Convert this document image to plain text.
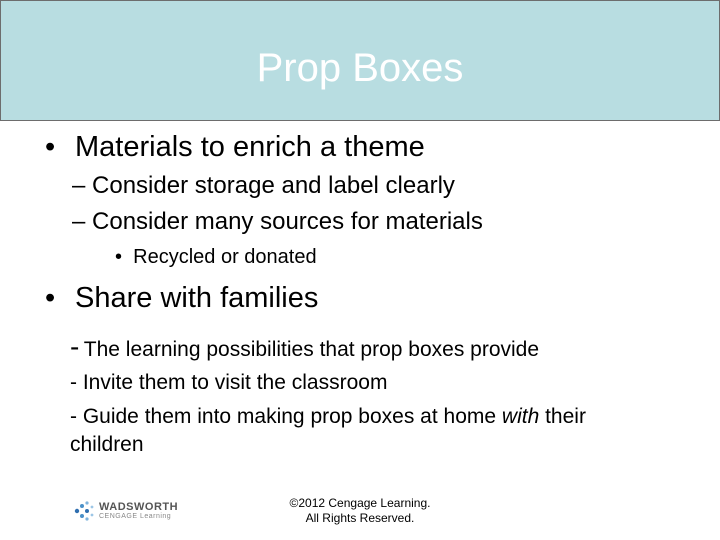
Prop Boxes
• Materials to enrich a theme
– Consider storage and label clearly
– Consider many sources for materials
• Recycled or donated
• Share with families
- The learning possibilities that prop boxes provide
- Invite them to visit the classroom
- Guide them into making prop boxes at home with their
children
WADSWORTH
CENGAGE Learning
©2012 Cengage Learning.
All Rights Reserved.
